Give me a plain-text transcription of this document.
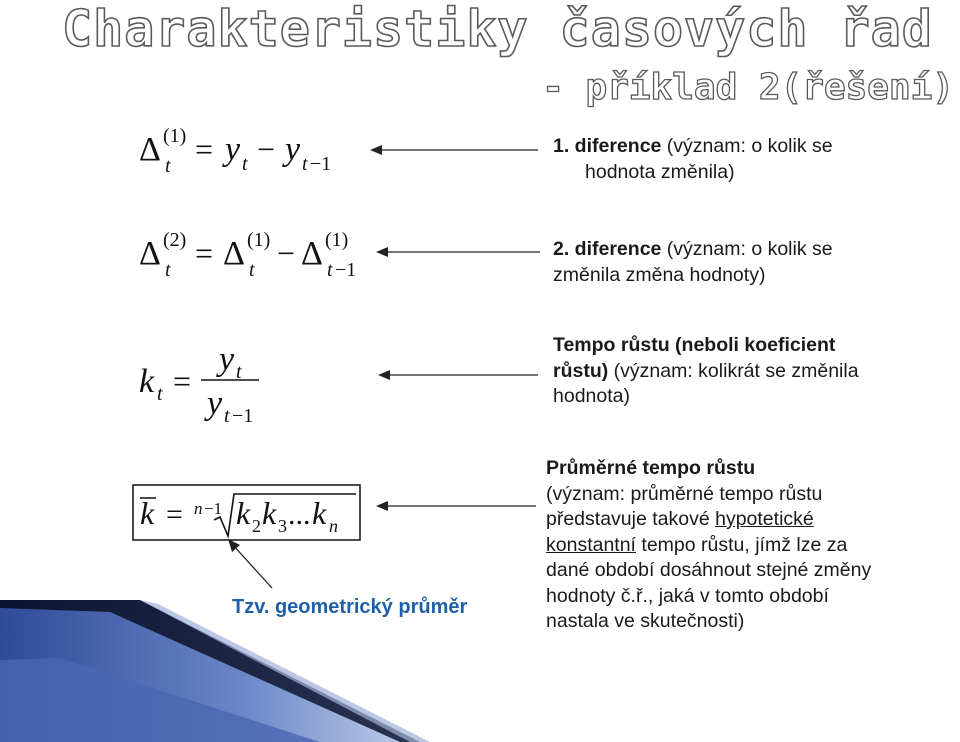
Charakteristiky časových řad
- příklad 2(řešení)
Δ (1)
t = y t − y t −1
Δ (2)
t = Δ (1)
t − Δ (1)
t −1
k t =
y t
y t −1
k = n −1 k 2 k 3 ... k n
1. diference (význam: o kolik se
hodnota změnila)
2. diference (význam: o kolik se
změnila změna hodnoty)
Tempo růstu (neboli koeficient
růstu) (význam: kolikrát se změnila
hodnota)
Průměrné tempo růstu
(význam: průměrné tempo růstu
představuje takové hypotetické
konstantní tempo růstu, jímž lze za
dané období dosáhnout stejné změny
hodnoty č.ř., jaká v tomto období
nastala ve skutečnosti)
Tzv. geometrický průměr
